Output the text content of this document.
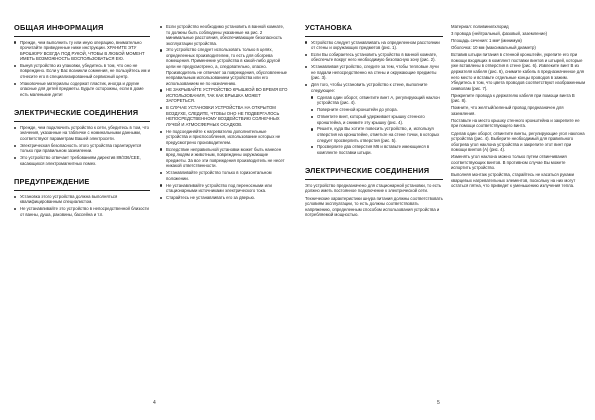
ОБЩАЯ ИНФОРМАЦИЯ
Прежде, чем выполнить ту или иную операцию, внимательно прочитайте приведенные ниже инструкции. ХРАНИТЕ ЭТУ БРОШЮРУ ВСЕГДА ПОД РУКОЙ, ЧТОБЫ В ЛЮБОЙ МОМЕНТ ИМЕТЬ ВОЗМОЖНОСТЬ ВОСПОЛЬЗОВАТЬСЯ ЕЮ.
Вынув устройство из упаковки, убедитесь в том, что оно не повреждено. Если у Вас возникли сомнения, не пользуйтесь им и отнесите его в специализированный сервисный центр.
Упаковочные материалы содержат пластик, иногда и другие опасные для детей предметы. Будьте осторожны, если в доме есть маленькие дети!
ЭЛЕКТРИЧЕСКИЕ СОЕДИНЕНИЯ
Прежде, чем подключить устройство к сети, убедитесь в том, что значения, указанные на табличке с номинальными данными, соответствуют параметрам Вашей электросети.
Электрическая безопасность этого устройства гарантируется только при правильном заземлении.
Это устройство отвечает требованиям директив 89/336/CEE, касающихся электромагнитных помех.
ПРЕДУПРЕЖДЕНИЕ
Установка этого устройства должна выполняться квалифицированным специалистом.
Не устанавливайте это устройство в непосредственной близости от ванны, душа, раковины, бассейна и т.п.
Если устройство необходимо установить в ванной комнате, то должны быть соблюдены указанные на рис. 2 минимальные расстояния, обеспечивающие безопасность эксплуатации устройства.
Это устройство следует использовать только в целях, определенных производителем, то есть для обогрева помещения. Применение устройства в какой-либо другой цели не предусмотрено, а, следовательно, опасно. Производитель не отвечает за повреждения, обусловленные неправильным использованием устройства или его использованием не по назначению.
НЕ ЗАКРЫВАЙТЕ УСТРОЙСТВО КРЫШКОЙ ВО ВРЕМЯ ЕГО ИСПОЛЬЗОВАНИЯ, ТАК КАК ВРЫШКА МОЖЕТ ЗАГОРЕТЬСЯ.
В СЛУЧАЕ УСТАНОВКИ УСТРОЙСТВА НА ОТКРЫТОМ ВОЗДУХЕ, СЛЕДИТЕ, ЧТОБЫ ОНО НЕ ПОДВЕРГАЛОСЬ НЕПОСРЕДСТВЕННОМУ ВОЗДЕЙСТВИЮ СОЛНЕЧНЫХ ЛУЧЕЙ И АТМОСФЕРНЫХ ОСАДКОВ.
Не подсоединяйте к нагревателю дополнительные устройства и приспособления, использование которых не предусмотрено производителем.
Вследствие неправильной установки может быть нанесен вред людям и животным, повреждены окружающие предметы. За все эти повреждения производитель не несет никакой ответственности.
Устанавливайте устройство только в горизонтальном положении.
Не устанавливайте устройство под переносными или стационарными источниками электрического тока.
Старайтесь не устанавливать его за дверью.
4
УСТАНОВКА
Устройство следует устанавливать на определенном расстоянии от стены и окружающих предметов (рис. 1).
Если Вы собираетесь установить устройство в ванной комнате, обеспечьте вокруг него необходимую безопасную зону (рис. 2).
Устанавливая устройство, следите за тем, чтобы тепловые лучи не падали непосредственно на стены и окружающие предметы (рис. 3).
Для того, чтобы установить устройство к стене, выполните следующее:
Сделав один оборот, отвинтите винт A, регулирующий наклон устройства (рис. 4).
Поверните стенной кронштейн до упора.
Отвинтите винт, который удерживает крышку стенного кронштейна, и снимите эту крышку (рис. 4).
Решите, куда Вы хотите повесить устройство, и, используя отверстия на кронштейне, отметьте на стене точки, в которых следует просверлить отверстия (рис. 5).
Просверлите два отверстия M6 и вставьте имеющиеся в комплекте поставки штыри.
ЭЛЕКТРИЧЕСКИЕ СОЕДИНЕНИЯ

Это устройство предназначено для стационарной установки, то есть должно иметь постоянное подключение к электрической сети.

Технические характеристики шнура питания должны соответствовать условиям эксплуатации, то есть должны соответствовать напряжению, определенным способом использования устройства и потребляемой мощностью.

Материал: поливинилхлорид

3 провода (нейтральный, фазовый, заземление)

Площадь сечения: 1 мм² (минимум)

Оболочка: 10 мм (максимальный диаметр)

Вставив штыри питания в стенной кронштейн, укрепите его при помощи входящих в комплект поставки винтов и штырей, которые уже вставлены в отверстия в стене (рис. 6). Извлеките винт B из держателя кабеля (рис. 6), снимите кабель в предназначенное для него место и вставьте отдельные концы проводов в зажим. Убедитесь в том, что цвета проводов соответствуют изображенным символам (рис. 7).

Прикрепите провода к держателю кабеля при помощи винта B (рис. 8).

Помните, что желтый/зеленый провод предназначен для заземления.

Поставьте на место крышку стенного кронштейна и закрепите ее при помощи соответствующего винта.

Сделав один оборот, отвинтите винты, регулирующие угол наклона устройства (рис. 4). Выберите необходимый для правильного обогрева угол наклона устройства и закрепите этот винт при помощи винтов (A) (рис. 4).

Изменять угол наклона можно только путем отвинчивания соответствующих винтов. В противном случае Вы можете испортить устройство.

Выполняя монтаж устройства, старайтесь не касаться руками кварцевых нагревательных элементов, поскольку на них могут остаться пятна, что приведет к уменьшению излучения тепла.

5
